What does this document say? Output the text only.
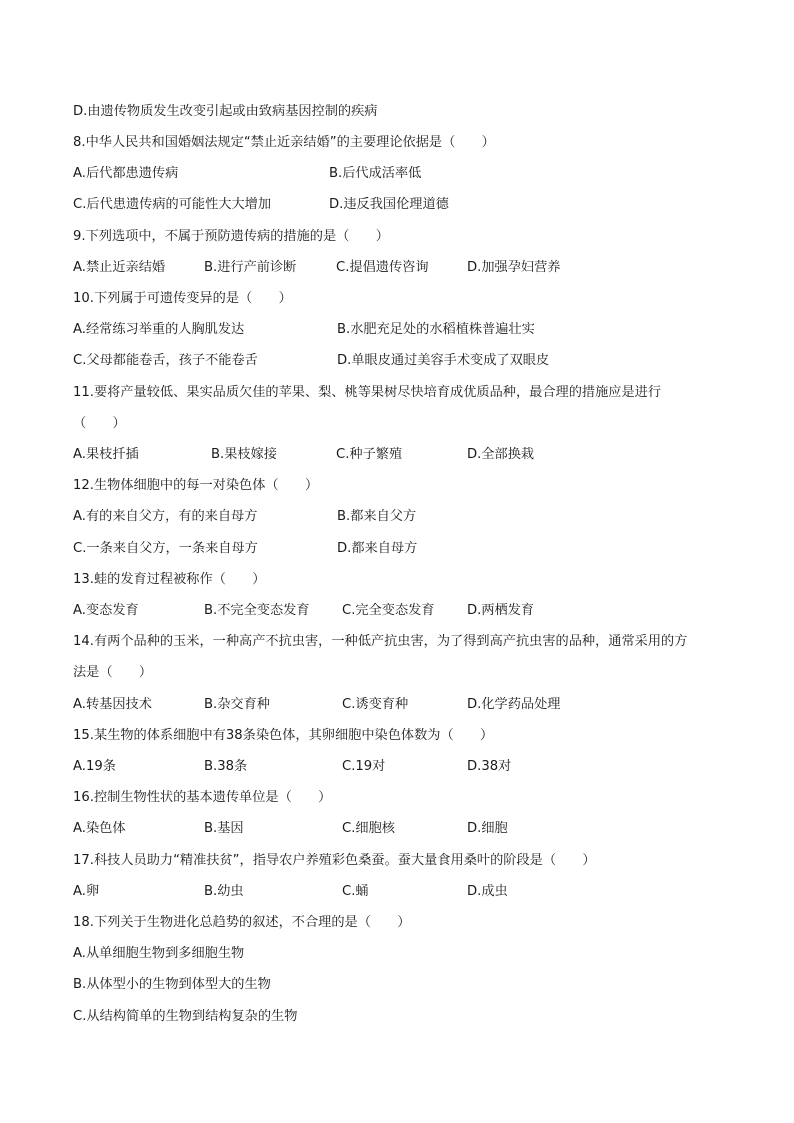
D.由遗传物质发生改变引起或由致病基因控制的疾病
8.中华人民共和国婚姻法规定“禁止近亲结婚”的主要理论依据是（　　）
A.后代都患遗传病	B.后代成活率低
C.后代患遗传病的可能性大大增加	D.违反我国伦理道德
9.下列选项中，不属于预防遗传病的措施的是（　　）
A.禁止近亲结婚	B.进行产前诊断	C.提倡遗传咨询	D.加强孕妇营养
10.下列属于可遗传变异的是（　　）
A.经常练习举重的人胸肌发达	B.水肥充足处的水稻植株普遍壮实
C.父母都能卷舌，孩子不能卷舌	D.单眼皮通过美容手术变成了双眼皮
11.要将产量较低、果实品质欠佳的苹果、梨、桃等果树尽快培育成优质品种，最合理的措施应是进行
（　　）
A.果枝扦插	B.果枝嫁接	C.种子繁殖	D.全部换栽
12.生物体细胞中的每一对染色体（　　）
A.有的来自父方，有的来自母方	B.都来自父方
C.一条来自父方，一条来自母方	D.都来自母方
13.蛙的发育过程被称作（　　）
A.变态发育	B.不完全变态发育 C.完全变态发育 D.两栖发育
14.有两个品种的玉米，一种高产不抗虫害，一种低产抗虫害，为了得到高产抗虫害的品种，通常采用的方
法是（　　）
A.转基因技术	B.杂交育种	C.诱变育种	D.化学药品处理
15.某生物的体系细胞中有38条染色体，其卵细胞中染色体数为（　　）
A.19条	B.38条	C.19对	D.38对
16.控制生物性状的基本遗传单位是（　　）
A.染色体	B.基因	C.细胞核	D.细胞
17.科技人员助力“精准扶贫”，指导农户养殖彩色桑蚕。蚕大量食用桑叶的阶段是（　　）
A.卵	B.幼虫	C.蛹	D.成虫
18.下列关于生物进化总趋势的叙述，不合理的是（　　）
A.从单细胞生物到多细胞生物
B.从体型小的生物到体型大的生物
C.从结构简单的生物到结构复杂的生物
